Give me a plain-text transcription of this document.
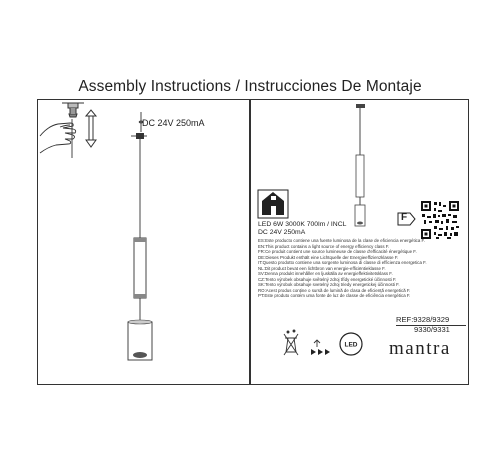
Assembly Instructions / Instrucciones De Montaje
DC 24V 250mA
LED
F
LED 6W 3000K 700lm / INCL
DC 24V 250mA
ES:Este producto contiene una fuente luminosa de la clase de eficiencia energética F.
EN:This product contains a light source of energy efficiency class F.
FR:Ce produit contient une source lumineuse de classe d'efficacité énergétique F.
DE:Dieses Produkt enthält eine Lichtquelle der Energieeffizienzklasse F.
IT:Questo prodotto contiene una sorgente luminosa di classe di efficienza energetica F.
NL:Dit product bevat een lichtbron van energie-efficiëntieklasse F.
SV:Denna produkt innehåller en ljuskälla av energieffektivitetsklass F.
CZ:Tento výrobek obsahuje světelný zdroj třídy energetické účinnosti F.
SK:Tento výrobok obsahuje svetelný zdroj triedy energetickej účinnosti F.
RO:Acest produs conține o sursă de lumină de clasa de eficiență energetică F.
PT:Este produto contém uma fonte de luz de classe de eficiência energética F.
REF:9328/9329
9330/9331
mantra
